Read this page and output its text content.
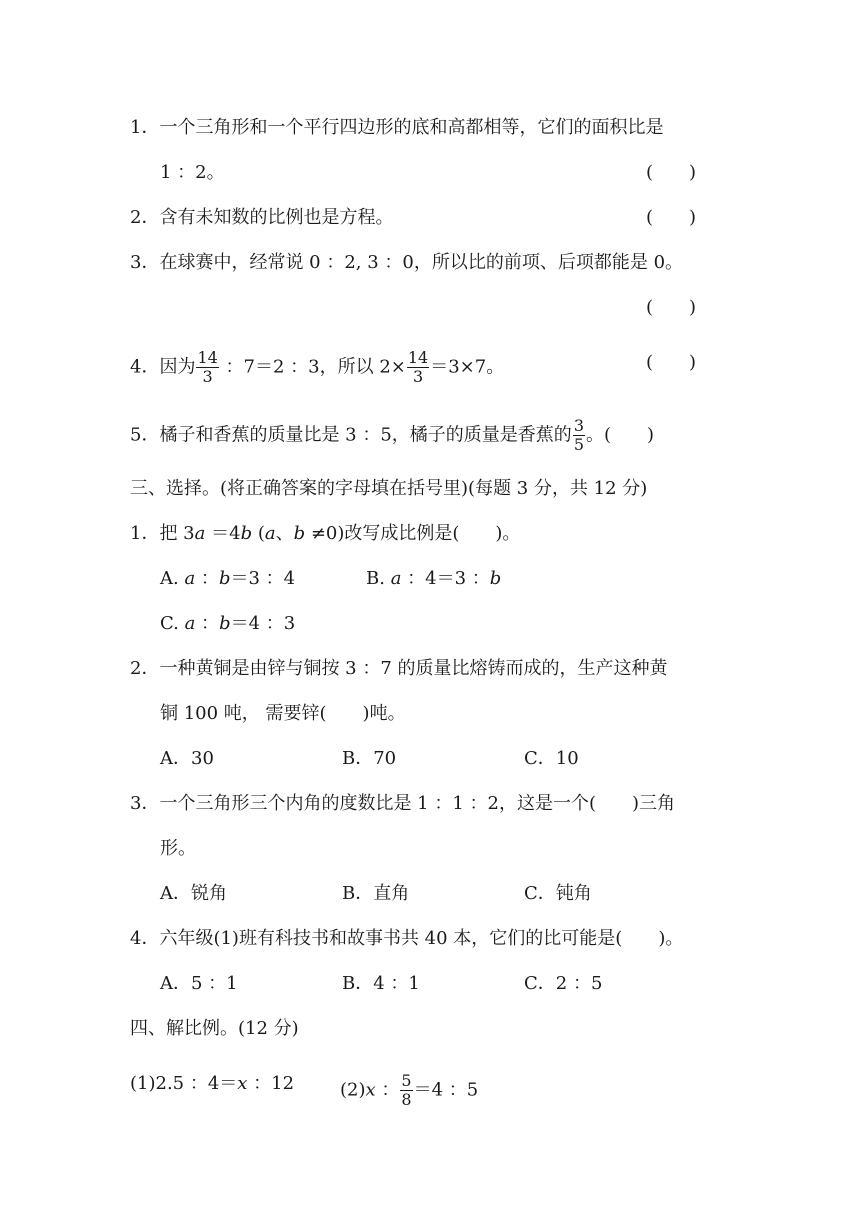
1．一个三角形和一个平行四边形的底和高都相等，它们的面积比是
1 ：2。	(　　)
2．含有未知数的比例也是方程。	(　　)
3．在球赛中，经常说 0 ：2, 3 ：0，所以比的前项、后项都能是 0。
(　　)
4．因为 $\frac{14}{3}$ ：7＝2 ：3，所以 $2\times \frac{14}{3} =3\times 7$。	(　　)
5．橘子和香蕉的质量比是 3 ：5，橘子的质量是香蕉的 $\frac{3}{5}$ 。(　　)
三、选择。(将正确答案的字母填在括号里)(每题 3 分，共 12 分)
1．把 3a ＝4b (a、b ≠0)改写成比例是(　　)。
A. a ：b＝3 ：4	B. a ：4＝3 ：b
C. a ：b＝4 ：3
2．一种黄铜是由锌与铜按 3 ：7 的质量比熔铸而成的，生产这种黄
铜 100 吨， 需要锌(　　)吨。
A．30	B．70	C．10
3．一个三角形三个内角的度数比是 1 ：1 ：2，这是一个(　　)三角
形。
A．锐角	B．直角	C．钝角
4．六年级(1)班有科技书和故事书共 40 本，它们的比可能是(　　)。
A．5 ：1	B．4 ：1	C．2 ：5
四、解比例。(12 分)
(1)2.5 ：4＝x ：12	(2)x ： $\frac{5}{8} =4$ ：5
